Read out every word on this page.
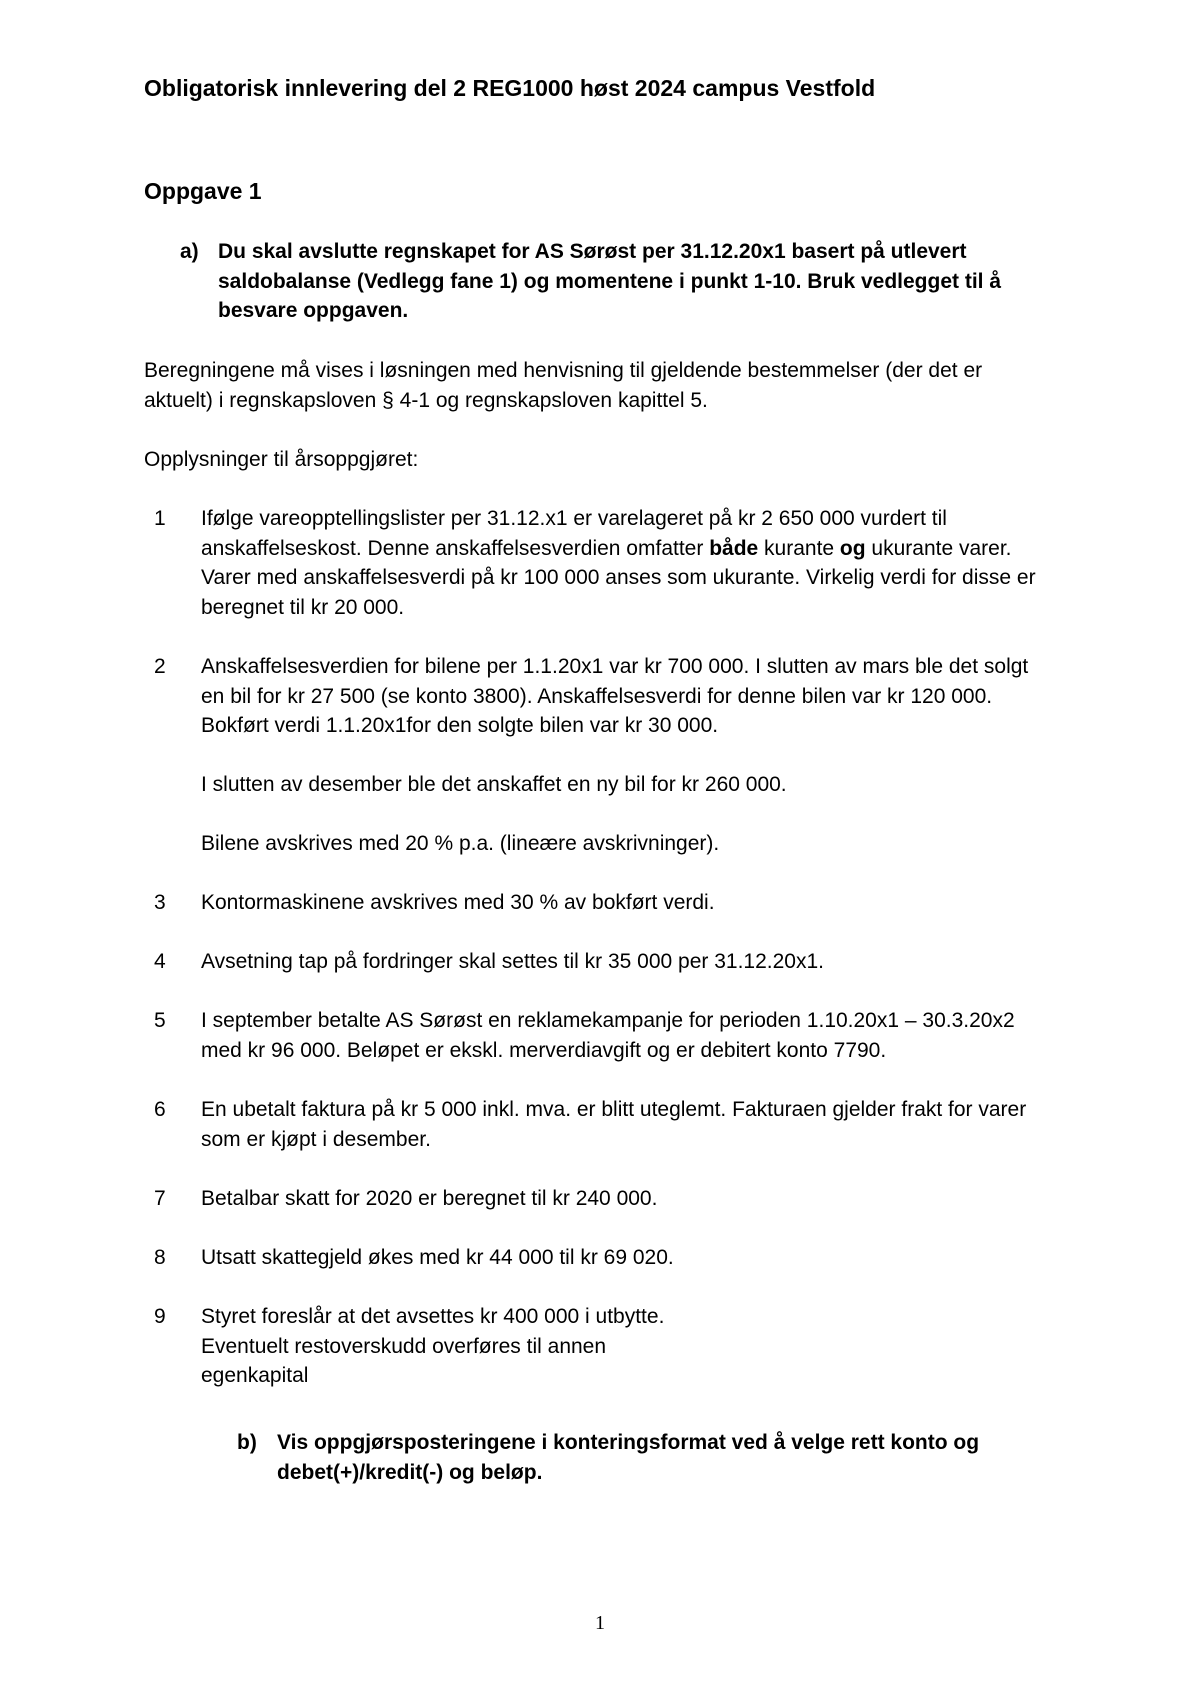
Obligatorisk innlevering del 2 REG1000 høst 2024 campus Vestfold
Oppgave 1
a) Du skal avslutte regnskapet for AS Sørøst per 31.12.20x1 basert på utlevert saldobalanse (Vedlegg fane 1) og momentene i punkt 1-10. Bruk vedlegget til å besvare oppgaven.
Beregningene må vises i løsningen med henvisning til gjeldende bestemmelser (der det er aktuelt) i regnskapsloven § 4-1 og regnskapsloven kapittel 5.
Opplysninger til årsoppgjøret:
1 Ifølge vareopptellingslister per 31.12.x1 er varelageret på kr 2 650 000 vurdert til anskaffelseskost. Denne anskaffelsesverdien omfatter både kurante og ukurante varer. Varer med anskaffelsesverdi på kr 100 000 anses som ukurante. Virkelig verdi for disse er beregnet til kr 20 000.
2 Anskaffelsesverdien for bilene per 1.1.20x1 var kr 700 000. I slutten av mars ble det solgt en bil for kr 27 500 (se konto 3800). Anskaffelsesverdi for denne bilen var kr 120 000. Bokført verdi 1.1.20x1for den solgte bilen var kr 30 000.
I slutten av desember ble det anskaffet en ny bil for kr 260 000.
Bilene avskrives med 20 % p.a. (lineære avskrivninger).
3 Kontormaskinene avskrives med 30 % av bokført verdi.
4 Avsetning tap på fordringer skal settes til kr 35 000 per 31.12.20x1.
5 I september betalte AS Sørøst en reklamekampanje for perioden 1.10.20x1 – 30.3.20x2 med kr 96 000. Beløpet er ekskl. merverdiavgift og er debitert konto 7790.
6 En ubetalt faktura på kr 5 000 inkl. mva. er blitt uteglemt. Fakturaen gjelder frakt for varer som er kjøpt i desember.
7 Betalbar skatt for 2020 er beregnet til kr 240 000.
8 Utsatt skattegjeld økes med kr 44 000 til kr 69 020.
9 Styret foreslår at det avsettes kr 400 000 i utbytte.
Eventuelt restoverskudd overføres til annen
egenkapital
b) Vis oppgjørsposteringene i konteringsformat ved å velge rett konto og debet(+)/kredit(-) og beløp.
1
